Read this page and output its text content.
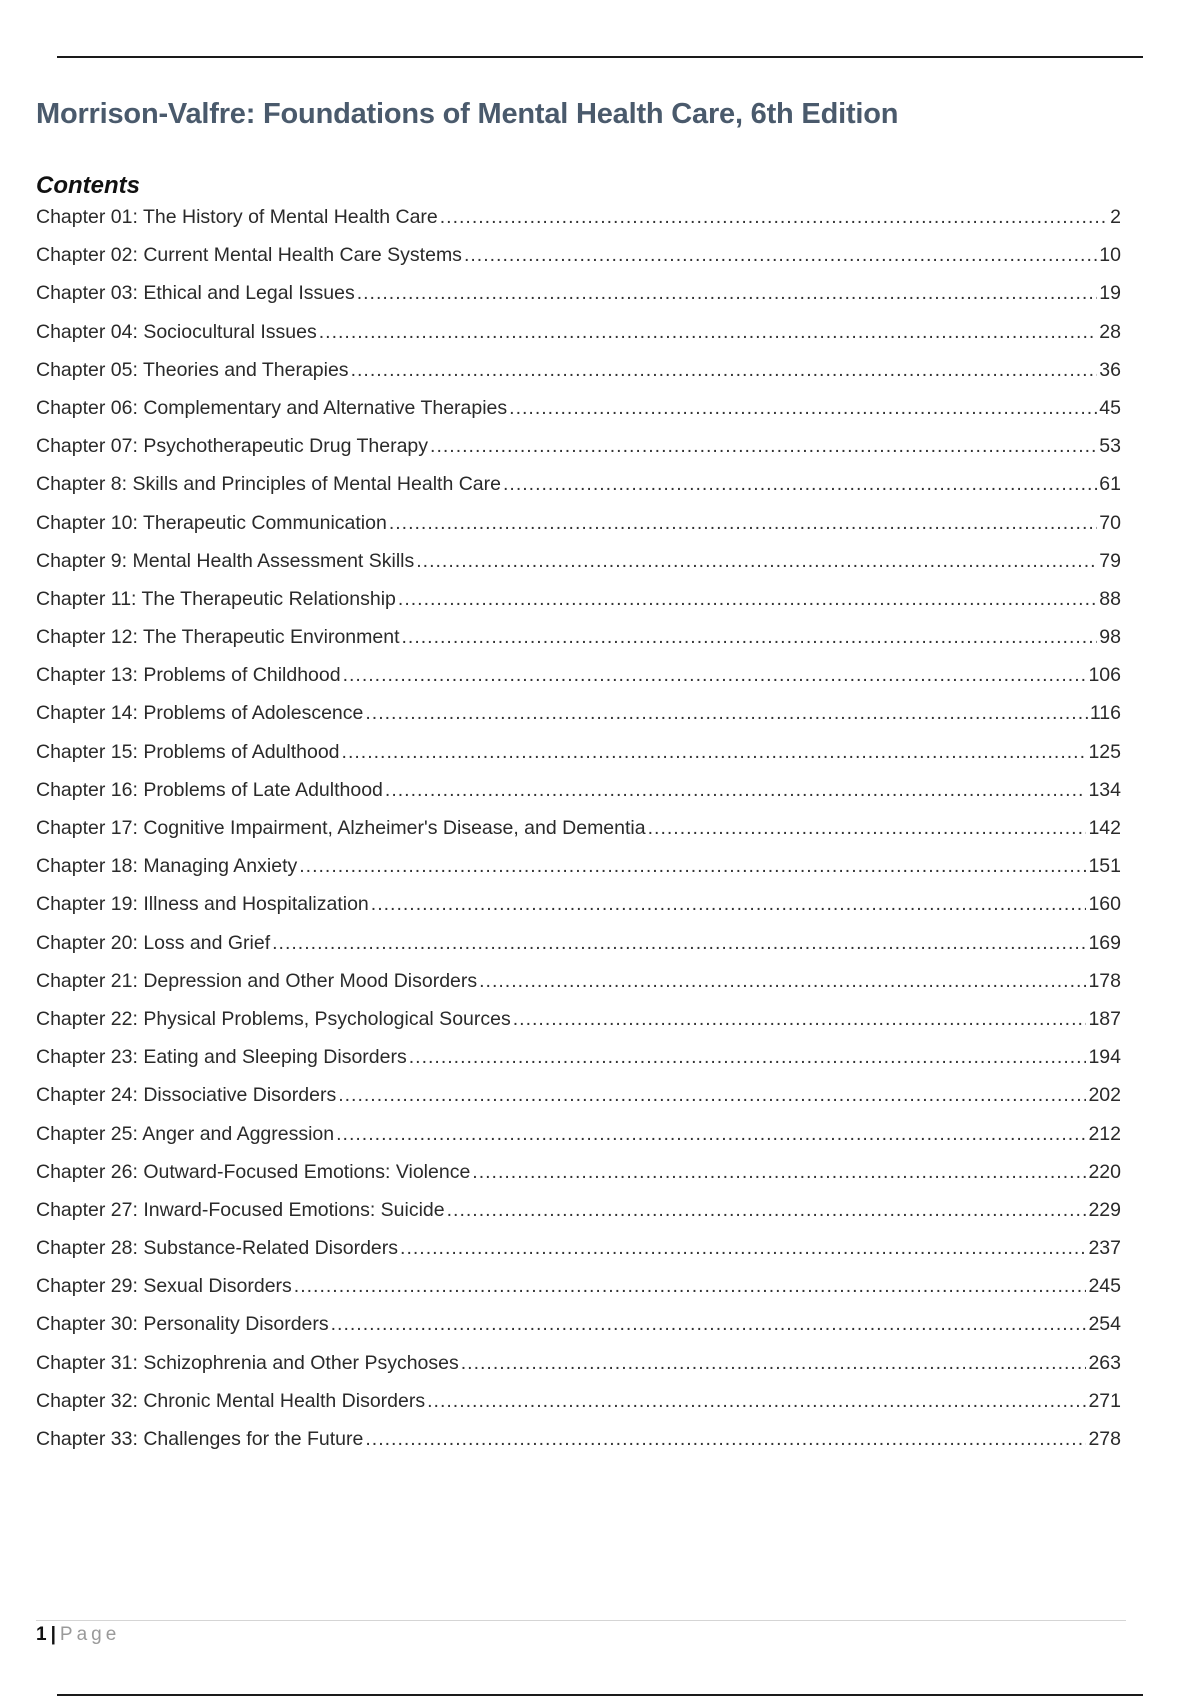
Morrison-Valfre: Foundations of Mental Health Care, 6th Edition
Contents
Chapter 01: The History of Mental Health Care .....	2
Chapter 02: Current Mental Health Care Systems .....	10
Chapter 03: Ethical and Legal Issues .....	19
Chapter 04: Sociocultural Issues .....	28
Chapter 05: Theories and Therapies .....	36
Chapter 06: Complementary and Alternative Therapies .....	45
Chapter 07: Psychotherapeutic Drug Therapy .....	53
Chapter 8: Skills and Principles of Mental Health Care .....	61
Chapter 10: Therapeutic Communication .....	70
Chapter 9: Mental Health Assessment Skills .....	79
Chapter 11: The Therapeutic Relationship .....	88
Chapter 12: The Therapeutic Environment .....	98
Chapter 13: Problems of Childhood .....	106
Chapter 14: Problems of Adolescence .....	116
Chapter 15: Problems of Adulthood .....	125
Chapter 16: Problems of Late Adulthood .....	134
Chapter 17: Cognitive Impairment, Alzheimer's Disease, and Dementia .....	142
Chapter 18: Managing Anxiety .....	151
Chapter 19: Illness and Hospitalization .....	160
Chapter 20: Loss and Grief .....	169
Chapter 21: Depression and Other Mood Disorders .....	178
Chapter 22: Physical Problems, Psychological Sources .....	187
Chapter 23: Eating and Sleeping Disorders .....	194
Chapter 24: Dissociative Disorders .....	202
Chapter 25: Anger and Aggression .....	212
Chapter 26: Outward-Focused Emotions: Violence .....	220
Chapter 27: Inward-Focused Emotions: Suicide .....	229
Chapter 28: Substance-Related Disorders .....	237
Chapter 29: Sexual Disorders .....	245
Chapter 30: Personality Disorders .....	254
Chapter 31: Schizophrenia and Other Psychoses .....	263
Chapter 32: Chronic Mental Health Disorders .....	271
Chapter 33: Challenges for the Future .....	278
1 | Page
